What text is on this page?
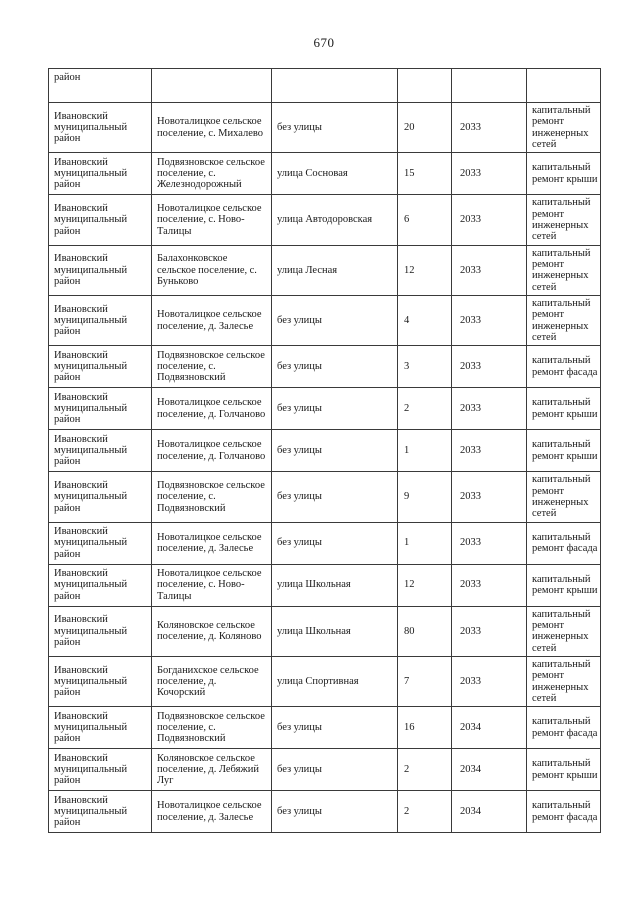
670
район					
Ивановский муниципальный район	Новоталицкое сельское поселение, с. Михалево	без улицы	20	2033	капитальный ремонт инженерных сетей
Ивановский муниципальный район	Подвязновское сельское поселение, с. Железнодорожный	улица Сосновая	15	2033	капитальный ремонт крыши
Ивановский муниципальный район	Новоталицкое сельское поселение, с. Ново-Талицы	улица Автодоровская	6	2033	капитальный ремонт инженерных сетей
Ивановский муниципальный район	Балахонковское сельское поселение, с. Буньково	улица Лесная	12	2033	капитальный ремонт инженерных сетей
Ивановский муниципальный район	Новоталицкое сельское поселение, д. Залесье	без улицы	4	2033	капитальный ремонт инженерных сетей
Ивановский муниципальный район	Подвязновское сельское поселение, с. Подвязновский	без улицы	3	2033	капитальный ремонт фасада
Ивановский муниципальный район	Новоталицкое сельское поселение, д. Голчаново	без улицы	2	2033	капитальный ремонт крыши
Ивановский муниципальный район	Новоталицкое сельское поселение, д. Голчаново	без улицы	1	2033	капитальный ремонт крыши
Ивановский муниципальный район	Подвязновское сельское поселение, с. Подвязновский	без улицы	9	2033	капитальный ремонт инженерных сетей
Ивановский муниципальный район	Новоталицкое сельское поселение, д. Залесье	без улицы	1	2033	капитальный ремонт фасада
Ивановский муниципальный район	Новоталицкое сельское поселение, с. Ново-Талицы	улица Школьная	12	2033	капитальный ремонт крыши
Ивановский муниципальный район	Коляновское сельское поселение, д. Коляново	улица Школьная	80	2033	капитальный ремонт инженерных сетей
Ивановский муниципальный район	Богданихское сельское поселение, д. Кочорский	улица Спортивная	7	2033	капитальный ремонт инженерных сетей
Ивановский муниципальный район	Подвязновское сельское поселение, с. Подвязновский	без улицы	16	2034	капитальный ремонт фасада
Ивановский муниципальный район	Коляновское сельское поселение, д. Лебяжий Луг	без улицы	2	2034	капитальный ремонт крыши
Ивановский муниципальный район	Новоталицкое сельское поселение, д. Залесье	без улицы	2	2034	капитальный ремонт фасада
